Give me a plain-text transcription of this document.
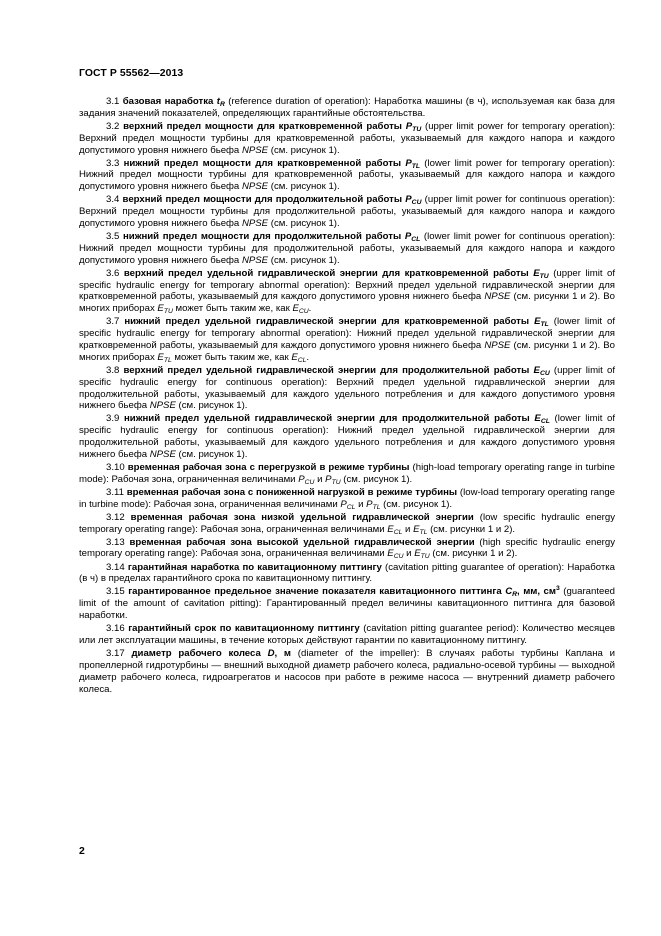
ГОСТ Р 55562—2013

3.1 базовая наработка $t_R$ (reference duration of operation): Наработка машины (в ч), используемая как база для задания значений показателей, определяющих гарантийные обстоятельства.

3.2 верхний предел мощности для кратковременной работы $P_{TU}$ (upper limit power for temporary operation): Верхний предел мощности турбины для кратковременной работы, указываемый для каждого напора и каждого допустимого уровня нижнего бьефа NPSE (см. рисунок 1).

3.3 нижний предел мощности для кратковременной работы $P_{TL}$ (lower limit power for temporary operation): Нижний предел мощности турбины для кратковременной работы, указываемый для каждого напора и каждого допустимого уровня нижнего бьефа NPSE (см. рисунок 1).

3.4 верхний предел мощности для продолжительной работы $P_{CU}$ (upper limit power for continuous operation): Верхний предел мощности турбины для продолжительной работы, указываемый для каждого напора и каждого допустимого уровня нижнего бьефа NPSE (см. рисунок 1).

3.5 нижний предел мощности для продолжительной работы $P_{CL}$ (lower limit power for continuous operation): Нижний предел мощности турбины для продолжительной работы, указываемый для каждого напора и каждого допустимого уровня нижнего бьефа NPSE (см. рисунок 1).

3.6 верхний предел удельной гидравлической энергии для кратковременной работы $E_{TU}$ (upper limit of specific hydraulic energy for temporary abnormal operation): Верхний предел удельной гидравлической энергии для кратковременной работы, указываемый для каждого допустимого уровня нижнего бьефа NPSE (см. рисунки 1 и 2). Во многих приборах $E_{TU}$ может быть таким же, как $E_{CU}$.

3.7 нижний предел удельной гидравлической энергии для кратковременной работы $E_{TL}$ (lower limit of specific hydraulic energy for temporary abnormal operation): Нижний предел удельной гидравлической энергии для кратковременной работы, указываемый для каждого допустимого уровня нижнего бьефа NPSE (см. рисунки 1 и 2). Во многих приборах $E_{TL}$ может быть таким же, как $E_{CL}$.

3.8 верхний предел удельной гидравлической энергии для продолжительной работы $E_{CU}$ (upper limit of specific hydraulic energy for continuous operation): Верхний предел удельной гидравлической энергии для продолжительной работы, указываемый для каждого удельного потребления и для каждого допустимого уровня нижнего бьефа NPSE (см. рисунок 1).

3.9 нижний предел удельной гидравлической энергии для продолжительной работы $E_{CL}$ (lower limit of specific hydraulic energy for continuous operation): Нижний предел удельной гидравлической энергии для продолжительной работы, указываемый для каждого удельного потребления и для каждого допустимого уровня нижнего бьефа NPSE (см. рисунок 1).

3.10 временная рабочая зона с перегрузкой в режиме турбины (high-load temporary operating range in turbine mode): Рабочая зона, ограниченная величинами $P_{CU}$ и $P_{TU}$ (см. рисунок 1).

3.11 временная рабочая зона с пониженной нагрузкой в режиме турбины (low-load temporary operating range in turbine mode): Рабочая зона, ограниченная величинами $P_{CL}$ и $P_{TL}$ (см. рисунок 1).

3.12 временная рабочая зона низкой удельной гидравлической энергии (low specific hydraulic energy temporary operating range): Рабочая зона, ограниченная величинами $E_{CL}$ и $E_{TL}$ (см. рисунки 1 и 2).

3.13 временная рабочая зона высокой удельной гидравлической энергии (high specific hydraulic energy temporary operating range): Рабочая зона, ограниченная величинами $E_{CU}$ и $E_{TU}$ (см. рисунки 1 и 2).

3.14 гарантийная наработка по кавитационному питтингу (cavitation pitting guarantee of operation): Наработка (в ч) в пределах гарантийного срока по кавитационному питтингу.

3.15 гарантированное предельное значение показателя кавитационного питтинга $C_R$, мм, $см^3$ (guaranteed limit of the amount of cavitation pitting): Гарантированный предел величины кавитационного питтинга для базовой наработки.

3.16 гарантийный срок по кавитационному питтингу (cavitation pitting guarantee period): Количество месяцев или лет эксплуатации машины, в течение которых действуют гарантии по кавитационному питтингу.

3.17 диаметр рабочего колеса D, м (diameter of the impeller): В случаях работы турбины Каплана и пропеллерной гидротурбины — внешний выходной диаметр рабочего колеса, радиально-осевой турбины — выходной диаметр рабочего колеса, гидроагрегатов и насосов при работе в режиме насоса — внутренний диаметр рабочего колеса.

2
